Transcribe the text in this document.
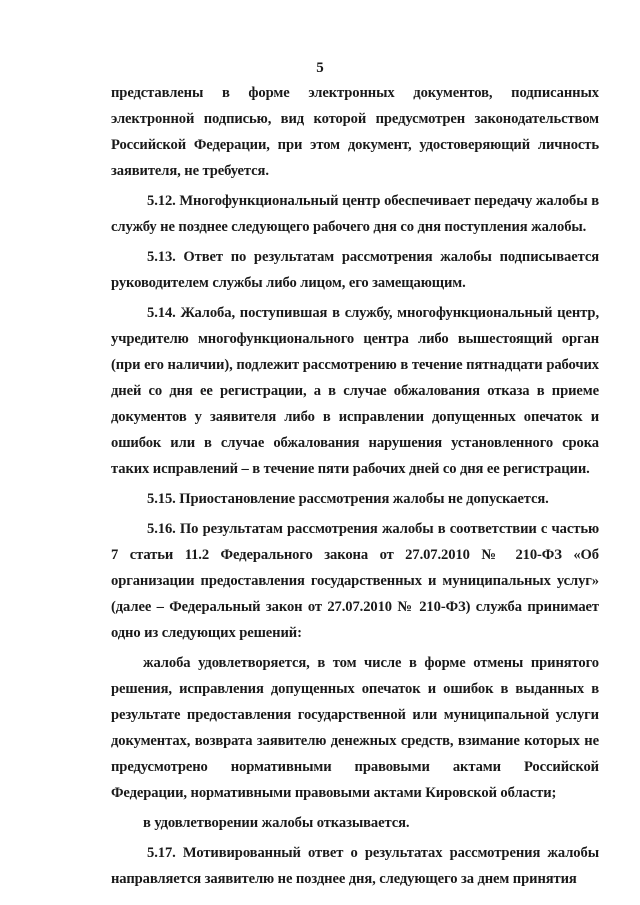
5

представлены в форме электронных документов, подписанных электронной подписью, вид которой предусмотрен законодательством Российской Федерации, при этом документ, удостоверяющий личность заявителя, не требуется.

5.12. Многофункциональный центр обеспечивает передачу жалобы в службу не позднее следующего рабочего дня со дня поступления жалобы.

5.13. Ответ по результатам рассмотрения жалобы подписывается руководителем службы либо лицом, его замещающим.

5.14. Жалоба, поступившая в службу, многофункциональный центр, учредителю многофункционального центра либо вышестоящий орган (при его наличии), подлежит рассмотрению в течение пятнадцати рабочих дней со дня ее регистрации, а в случае обжалования отказа в приеме документов у заявителя либо в исправлении допущенных опечаток и ошибок или в случае обжалования нарушения установленного срока таких исправлений – в течение пяти рабочих дней со дня ее регистрации.

5.15. Приостановление рассмотрения жалобы не допускается.

5.16. По результатам рассмотрения жалобы в соответствии с частью 7 статьи 11.2 Федерального закона от 27.07.2010 № 210-ФЗ «Об организации предоставления государственных и муниципальных услуг» (далее – Федеральный закон от 27.07.2010 № 210-ФЗ) служба принимает одно из следующих решений:

жалоба удовлетворяется, в том числе в форме отмены принятого решения, исправления допущенных опечаток и ошибок в выданных в результате предоставления государственной или муниципальной услуги документах, возврата заявителю денежных средств, взимание которых не предусмотрено нормативными правовыми актами Российской Федерации, нормативными правовыми актами Кировской области;

в удовлетворении жалобы отказывается.

5.17. Мотивированный ответ о результатах рассмотрения жалобы направляется заявителю не позднее дня, следующего за днем принятия
